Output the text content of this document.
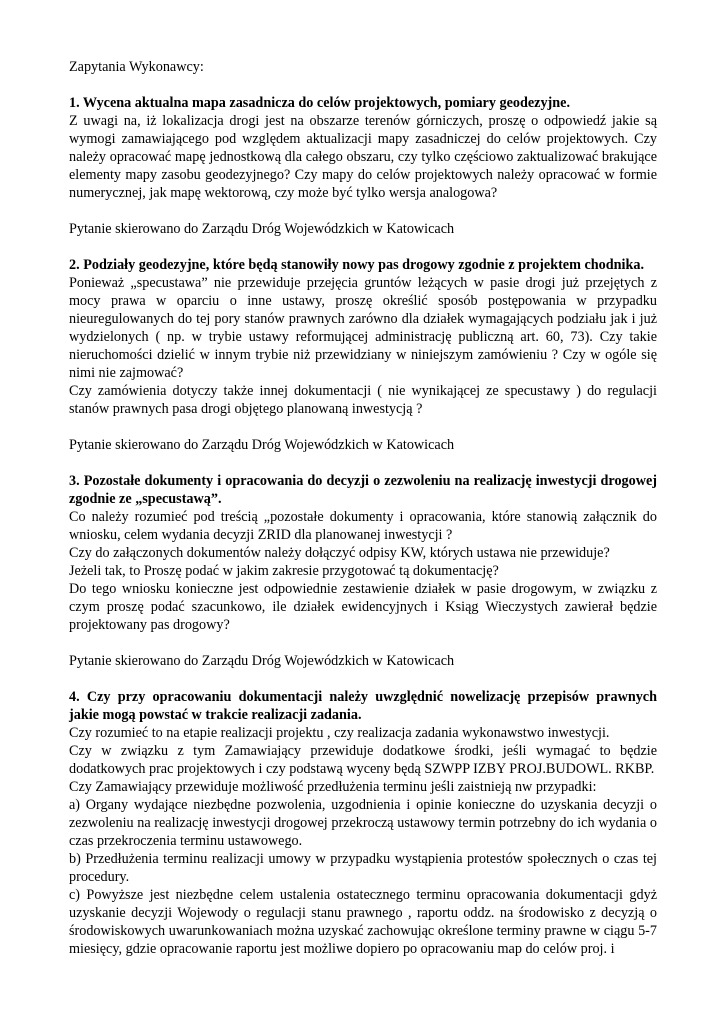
Zapytania Wykonawcy:

1. Wycena aktualna mapa zasadnicza do celów projektowych, pomiary geodezyjne.

Z uwagi na, iż lokalizacja drogi jest na obszarze terenów górniczych, proszę o odpowiedź jakie są wymogi zamawiającego pod względem aktualizacji mapy zasadniczej do celów projektowych. Czy należy opracować mapę jednostkową dla całego obszaru, czy tylko częściowo zaktualizować brakujące elementy mapy zasobu geodezyjnego? Czy mapy do celów projektowych należy opracować w formie numerycznej, jak mapę wektorową, czy może być tylko wersja analogowa?

Pytanie skierowano do Zarządu Dróg Wojewódzkich w Katowicach

2. Podziały geodezyjne, które będą stanowiły nowy pas drogowy zgodnie z projektem chodnika.

Ponieważ „specustawa” nie przewiduje przejęcia gruntów leżących w pasie drogi już przejętych z mocy prawa w oparciu o inne ustawy, proszę określić sposób postępowania w przypadku nieuregulowanych do tej pory stanów prawnych zarówno dla działek wymagających podziału jak i już wydzielonych ( np. w trybie ustawy reformującej administrację publiczną art. 60, 73). Czy takie nieruchomości dzielić w innym trybie niż przewidziany w niniejszym zamówieniu ? Czy w ogóle się nimi nie zajmować?

Czy zamówienia dotyczy także innej dokumentacji ( nie wynikającej ze specustawy ) do regulacji stanów prawnych pasa drogi objętego planowaną inwestycją ?

Pytanie skierowano do Zarządu Dróg Wojewódzkich w Katowicach

3. Pozostałe dokumenty i opracowania do decyzji o zezwoleniu na realizację inwestycji drogowej zgodnie ze „specustawą”.

Co należy rozumieć pod treścią „pozostałe dokumenty i opracowania, które stanowią załącznik do wniosku, celem wydania decyzji ZRID dla planowanej inwestycji ?

Czy do załączonych dokumentów należy dołączyć odpisy KW, których ustawa nie przewiduje?

Jeżeli tak, to Proszę podać w jakim zakresie przygotować tą dokumentację?

Do tego wniosku konieczne jest odpowiednie zestawienie działek w pasie drogowym, w związku z czym proszę podać szacunkowo, ile działek ewidencyjnych i Ksiąg Wieczystych zawierał będzie projektowany pas drogowy?

Pytanie skierowano do Zarządu Dróg Wojewódzkich w Katowicach

4. Czy przy opracowaniu dokumentacji należy uwzględnić nowelizację przepisów prawnych jakie mogą powstać w trakcie realizacji zadania.

Czy rozumieć to na etapie realizacji projektu , czy realizacja zadania wykonawstwo inwestycji.

Czy w związku z tym Zamawiający przewiduje dodatkowe środki, jeśli wymagać to będzie dodatkowych prac projektowych i czy podstawą wyceny będą SZWPP IZBY PROJ.BUDOWL. RKBP.

Czy Zamawiający przewiduje możliwość przedłużenia terminu jeśli zaistnieją nw przypadki:

a) Organy wydające niezbędne pozwolenia, uzgodnienia i opinie konieczne do uzyskania decyzji o zezwoleniu na realizację inwestycji drogowej przekroczą ustawowy termin potrzebny do ich wydania o czas przekroczenia terminu ustawowego.

b) Przedłużenia terminu realizacji umowy w przypadku wystąpienia protestów społecznych o czas tej procedury.

c) Powyższe jest niezbędne celem ustalenia ostatecznego terminu opracowania dokumentacji gdyż uzyskanie decyzji Wojewody o regulacji stanu prawnego , raportu oddz. na środowisko z decyzją o środowiskowych uwarunkowaniach można uzyskać zachowując określone terminy prawne w ciągu 5-7 miesięcy, gdzie opracowanie raportu jest możliwe dopiero po opracowaniu map do celów proj. i
